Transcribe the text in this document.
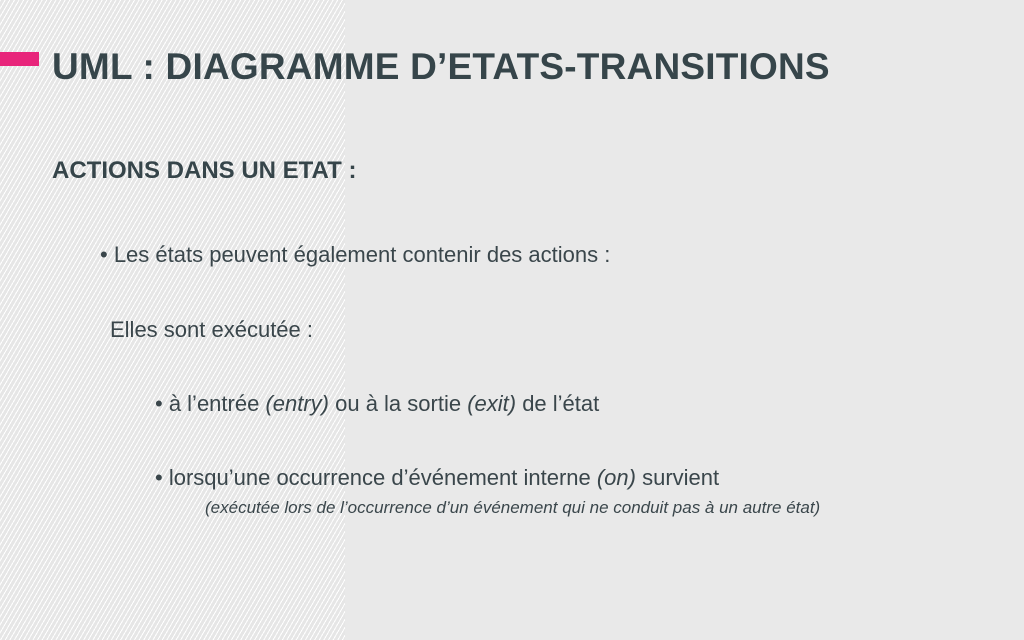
UML : DIAGRAMME D’ETATS-TRANSITIONS
ACTIONS DANS UN ETAT :

• Les états peuvent également contenir des actions :

Elles sont exécutée :

• à l’entrée (entry) ou à la sortie (exit) de l’état

• lorsqu’une occurrence d’événement interne (on) survient

(exécutée lors de l’occurrence d’un événement qui ne conduit pas à un autre état)
